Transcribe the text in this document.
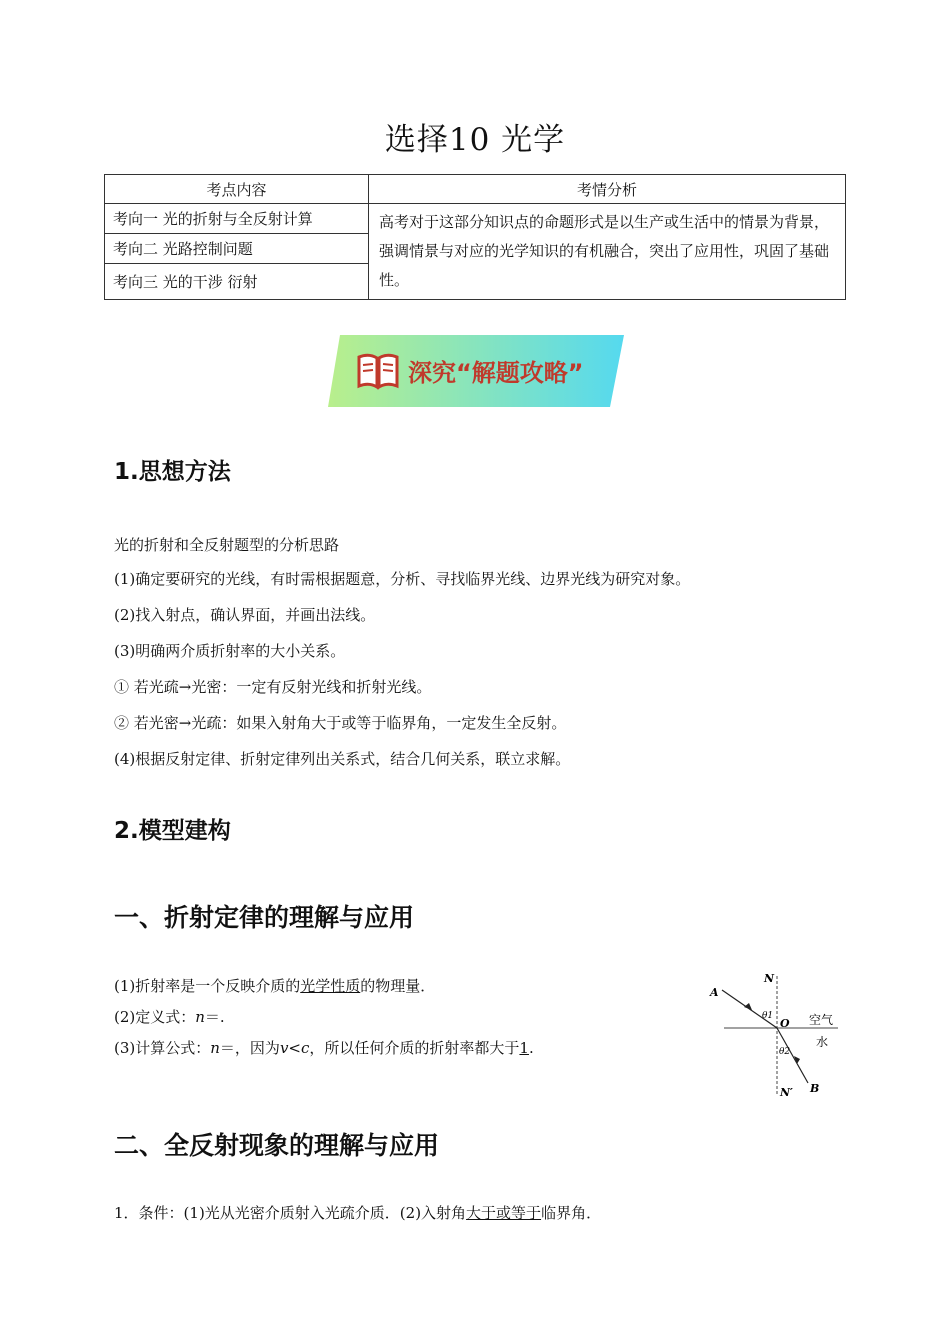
选择10 光学
考点内容	考情分析
考向一 光的折射与全反射计算	高考对于这部分知识点的命题形式是以生产或生活中的情景为背景，强调情景与对应的光学知识的有机融合，突出了应用性，巩固了基础性。
考向二 光路控制问题	
考向三 光的干涉 衍射	
深究“解题攻略”
1.思想方法
光的折射和全反射题型的分析思路
(1)确定要研究的光线，有时需根据题意，分析、寻找临界光线、边界光线为研究对象。
(2)找入射点，确认界面，并画出法线。
(3)明确两介质折射率的大小关系。
① 若光疏→光密：一定有反射光线和折射光线。
② 若光密→光疏：如果入射角大于或等于临界角，一定发生全反射。
(4)根据反射定律、折射定律列出关系式，结合几何关系，联立求解。
2.模型建构
一、折射定律的理解与应用
(1)折射率是一个反映介质的光学性质的物理量．
(2)定义式：n＝.
(3)计算公式：n＝，因为v<c，所以任何介质的折射率都大于1.
A
N
O
θ1
θ2
空气
水
N′ B
二、全反射现象的理解与应用
1．条件：(1)光从光密介质射入光疏介质．(2)入射角大于或等于临界角．
